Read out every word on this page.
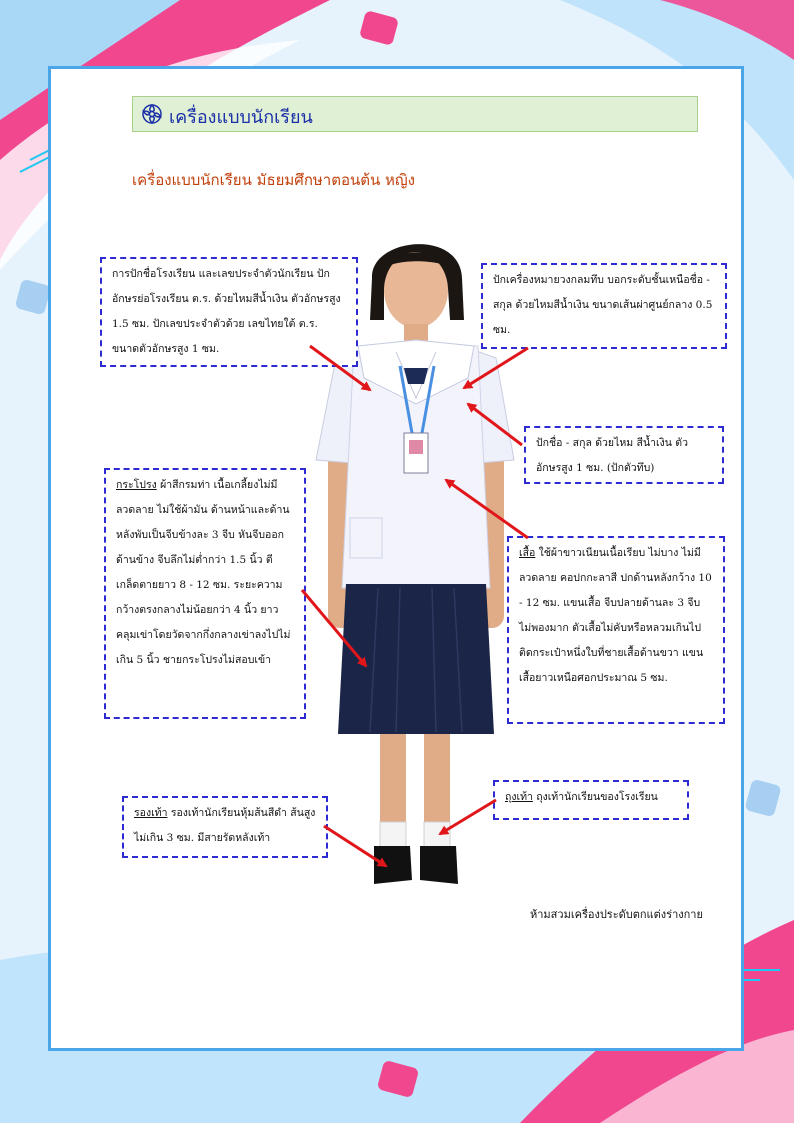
เครื่องแบบนักเรียน
เครื่องแบบนักเรียน มัธยมศึกษาตอนต้น หญิง
การปักชื่อโรงเรียน และเลขประจำตัวนักเรียน ปักอักษรย่อโรงเรียน ต.ร. ด้วยไหมสีน้ำเงิน ตัวอักษรสูง 1.5 ซม. ปักเลขประจำตัวด้วย เลขไทยใต้ ต.ร. ขนาดตัวอักษรสูง 1 ซม.
ปักเครื่องหมายวงกลมทึบ บอกระดับชั้นเหนือชื่อ - สกุล ด้วยไหมสีน้ำเงิน ขนาดเส้นผ่าศูนย์กลาง 0.5 ซม.
ปักชื่อ - สกุล ด้วยไหม สีน้ำเงิน ตัวอักษรสูง 1 ซม. (ปักตัวทึบ)
กระโปรง ผ้าสีกรมท่า เนื้อเกลี้ยงไม่มีลวดลาย ไม่ใช้ผ้ามัน ด้านหน้าและด้านหลังพับเป็นจีบข้างละ 3 จีบ หันจีบออกด้านข้าง จีบลึกไม่ต่ำกว่า 1.5 นิ้ว ตีเกล็ดตายยาว 8 - 12 ซม. ระยะความกว้างตรงกลางไม่น้อยกว่า 4 นิ้ว ยาวคลุมเข่าโดยวัดจากกึ่งกลางเข่าลงไปไม่เกิน 5 นิ้ว ชายกระโปรงไม่สอบเข้า
เสื้อ ใช้ผ้าขาวเนียนเนื้อเรียบ ไม่บาง ไม่มีลวดลาย คอปกกะลาสี ปกด้านหลังกว้าง 10 - 12 ซม. แขนเสื้อ จีบปลายด้านละ 3 จีบ ไม่พองมาก ตัวเสื้อไม่คับหรือหลวมเกินไป ติดกระเป๋าหนึ่งใบที่ชายเสื้อด้านขวา แขนเสื้อยาวเหนือศอกประมาณ 5 ซม.
ถุงเท้า ถุงเท้านักเรียนของโรงเรียน
รองเท้า รองเท้านักเรียนหุ้มส้นสีดำ ส้นสูงไม่เกิน 3 ซม. มีสายรัดหลังเท้า
ห้ามสวมเครื่องประดับตกแต่งร่างกาย
